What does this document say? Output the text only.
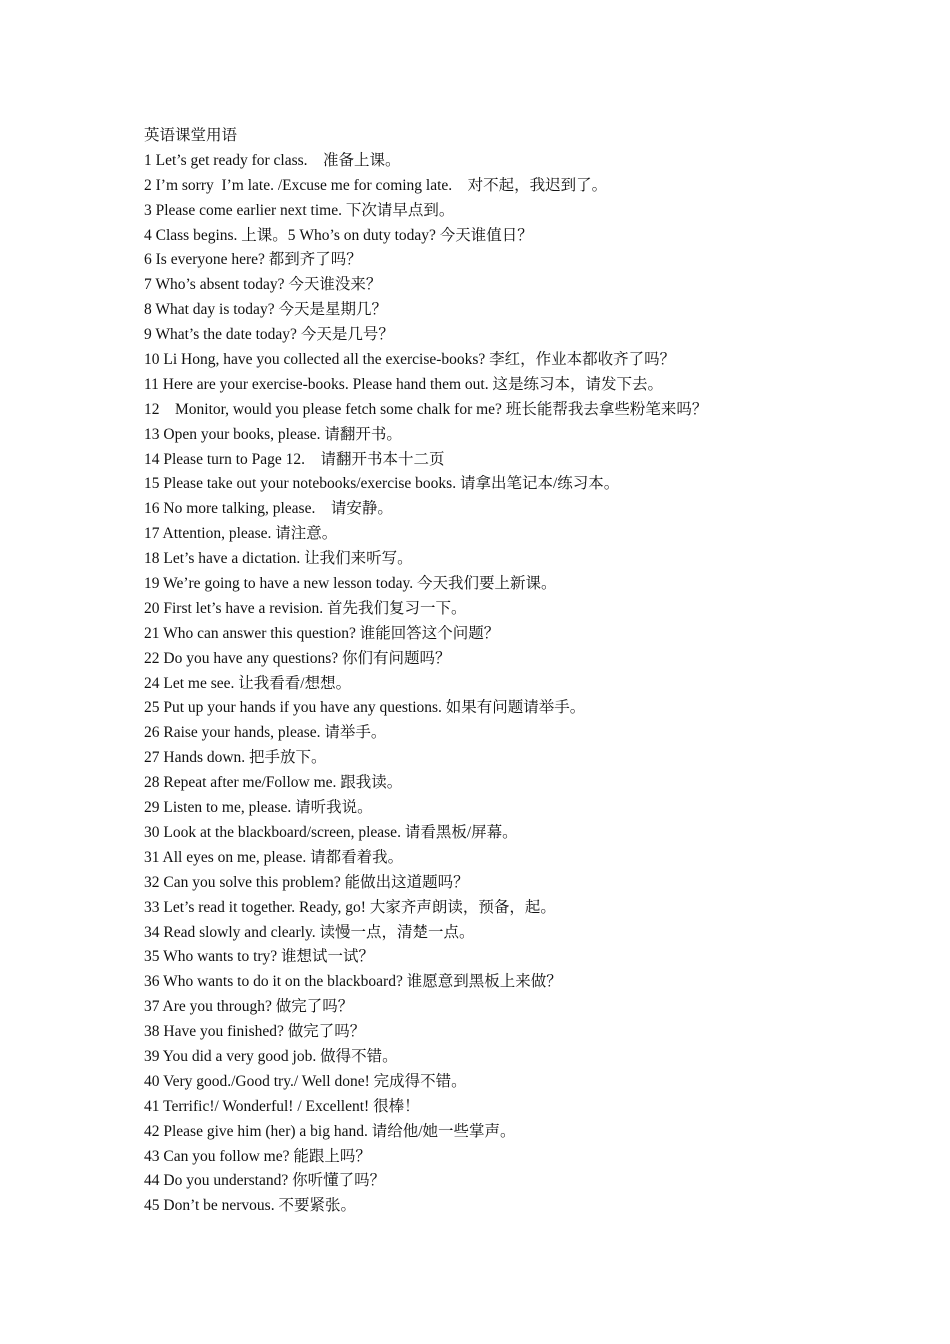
英语课堂用语
1 Let’s get ready for class.    准备上课。
2 I’m sorry  I’m late. /Excuse me for coming late.    对不起，我迟到了。
3 Please come earlier next time. 下次请早点到。
4 Class begins. 上课。5 Who’s on duty today? 今天谁值日？
6 Is everyone here? 都到齐了吗？
7 Who’s absent today? 今天谁没来？
8 What day is today? 今天是星期几？
9 What’s the date today? 今天是几号？
10 Li Hong, have you collected all the exercise-books? 李红，作业本都收齐了吗？
11 Here are your exercise-books. Please hand them out. 这是练习本，请发下去。
12    Monitor, would you please fetch some chalk for me? 班长能帮我去拿些粉笔来吗？
13 Open your books, please. 请翻开书。
14 Please turn to Page 12.    请翻开书本十二页
15 Please take out your notebooks/exercise books. 请拿出笔记本/练习本。
16 No more talking, please.    请安静。
17 Attention, please. 请注意。
18 Let’s have a dictation. 让我们来听写。
19 We’re going to have a new lesson today. 今天我们要上新课。
20 First let’s have a revision. 首先我们复习一下。
21 Who can answer this question? 谁能回答这个问题？
22 Do you have any questions? 你们有问题吗？
24 Let me see. 让我看看/想想。
25 Put up your hands if you have any questions. 如果有问题请举手。
26 Raise your hands, please. 请举手。
27 Hands down. 把手放下。
28 Repeat after me/Follow me. 跟我读。
29 Listen to me, please. 请听我说。
30 Look at the blackboard/screen, please. 请看黑板/屏幕。
31 All eyes on me, please. 请都看着我。
32 Can you solve this problem? 能做出这道题吗？
33 Let’s read it together. Ready, go! 大家齐声朗读，预备，起。
34 Read slowly and clearly. 读慢一点，清楚一点。
35 Who wants to try? 谁想试一试？
36 Who wants to do it on the blackboard? 谁愿意到黑板上来做？
37 Are you through? 做完了吗？
38 Have you finished? 做完了吗？
39 You did a very good job. 做得不错。
40 Very good./Good try./ Well done! 完成得不错。
41 Terrific!/ Wonderful! / Excellent! 很棒！
42 Please give him (her) a big hand. 请给他/她一些掌声。
43 Can you follow me? 能跟上吗？
44 Do you understand? 你听懂了吗？
45 Don’t be nervous. 不要紧张。
